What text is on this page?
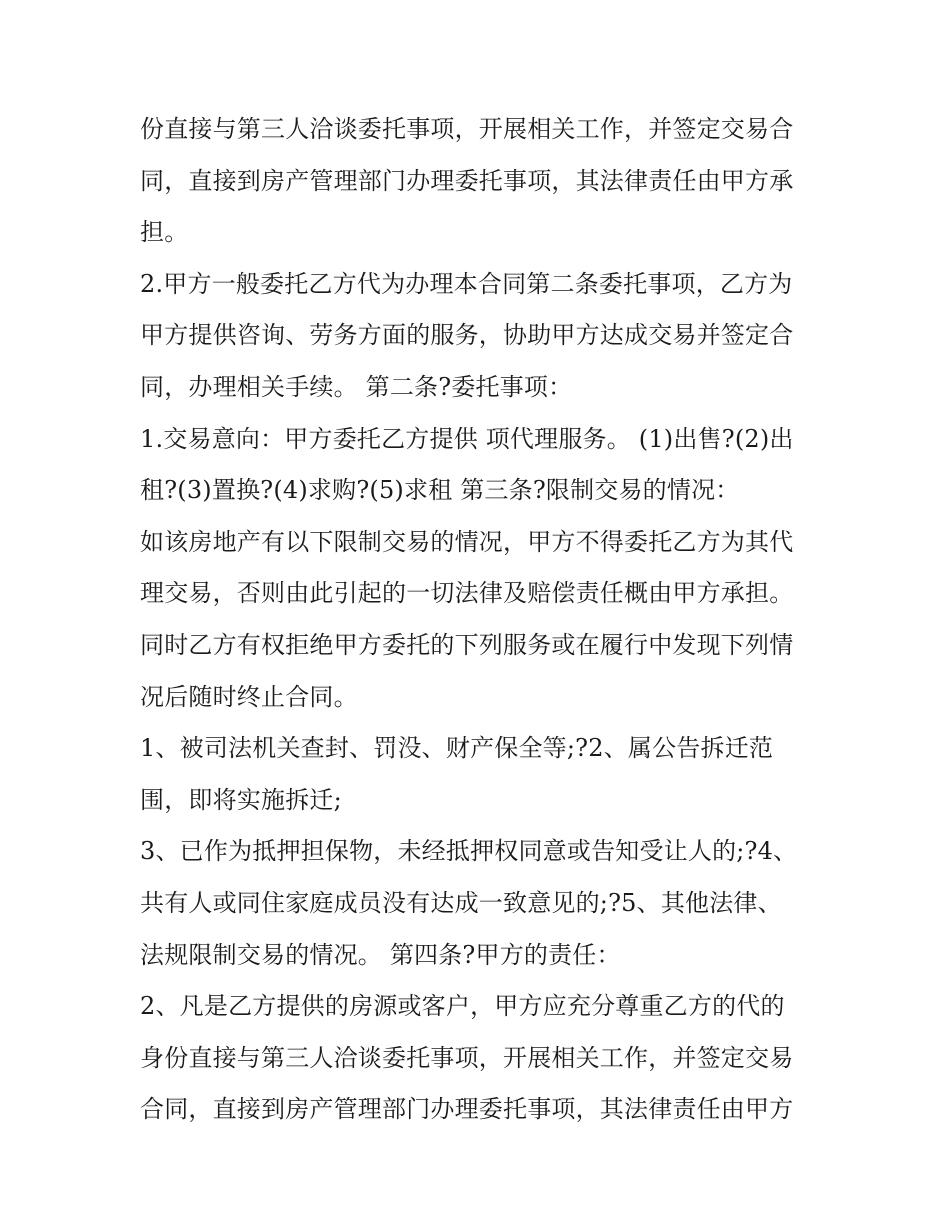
份直接与第三人洽谈委托事项，开展相关工作，并签定交易合
同，直接到房产管理部门办理委托事项，其法律责任由甲方承
担。
2.甲方一般委托乙方代为办理本合同第二条委托事项，乙方为
甲方提供咨询、劳务方面的服务，协助甲方达成交易并签定合
同，办理相关手续。 第二条?委托事项：
1.交易意向：甲方委托乙方提供 项代理服务。 (1)出售?(2)出
租?(3)置换?(4)求购?(5)求租 第三条?限制交易的情况：
如该房地产有以下限制交易的情况，甲方不得委托乙方为其代
理交易，否则由此引起的一切法律及赔偿责任概由甲方承担。
同时乙方有权拒绝甲方委托的下列服务或在履行中发现下列情
况后随时终止合同。
1、被司法机关查封、罚没、财产保全等;?2、属公告拆迁范
围，即将实施拆迁;
3、已作为抵押担保物，未经抵押权同意或告知受让人的;?4、
共有人或同住家庭成员没有达成一致意见的;?5、其他法律、
法规限制交易的情况。 第四条?甲方的责任：
2、凡是乙方提供的房源或客户，甲方应充分尊重乙方的代的
身份直接与第三人洽谈委托事项，开展相关工作，并签定交易
合同，直接到房产管理部门办理委托事项，其法律责任由甲方
